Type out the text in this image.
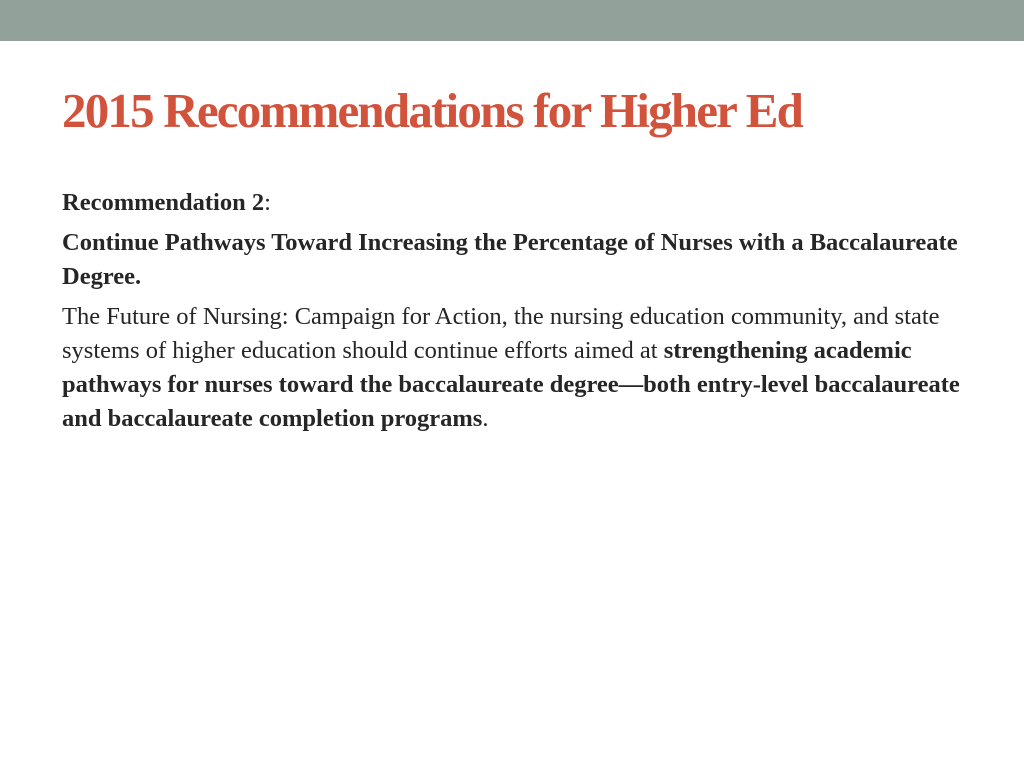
2015 Recommendations for Higher Ed

Recommendation 2:

Continue Pathways Toward Increasing the Percentage of Nurses with a Baccalaureate Degree.

The Future of Nursing: Campaign for Action, the nursing education community, and state systems of higher education should continue efforts aimed at strengthening academic pathways for nurses toward the baccalaureate degree—both entry-level baccalaureate and baccalaureate completion programs.
